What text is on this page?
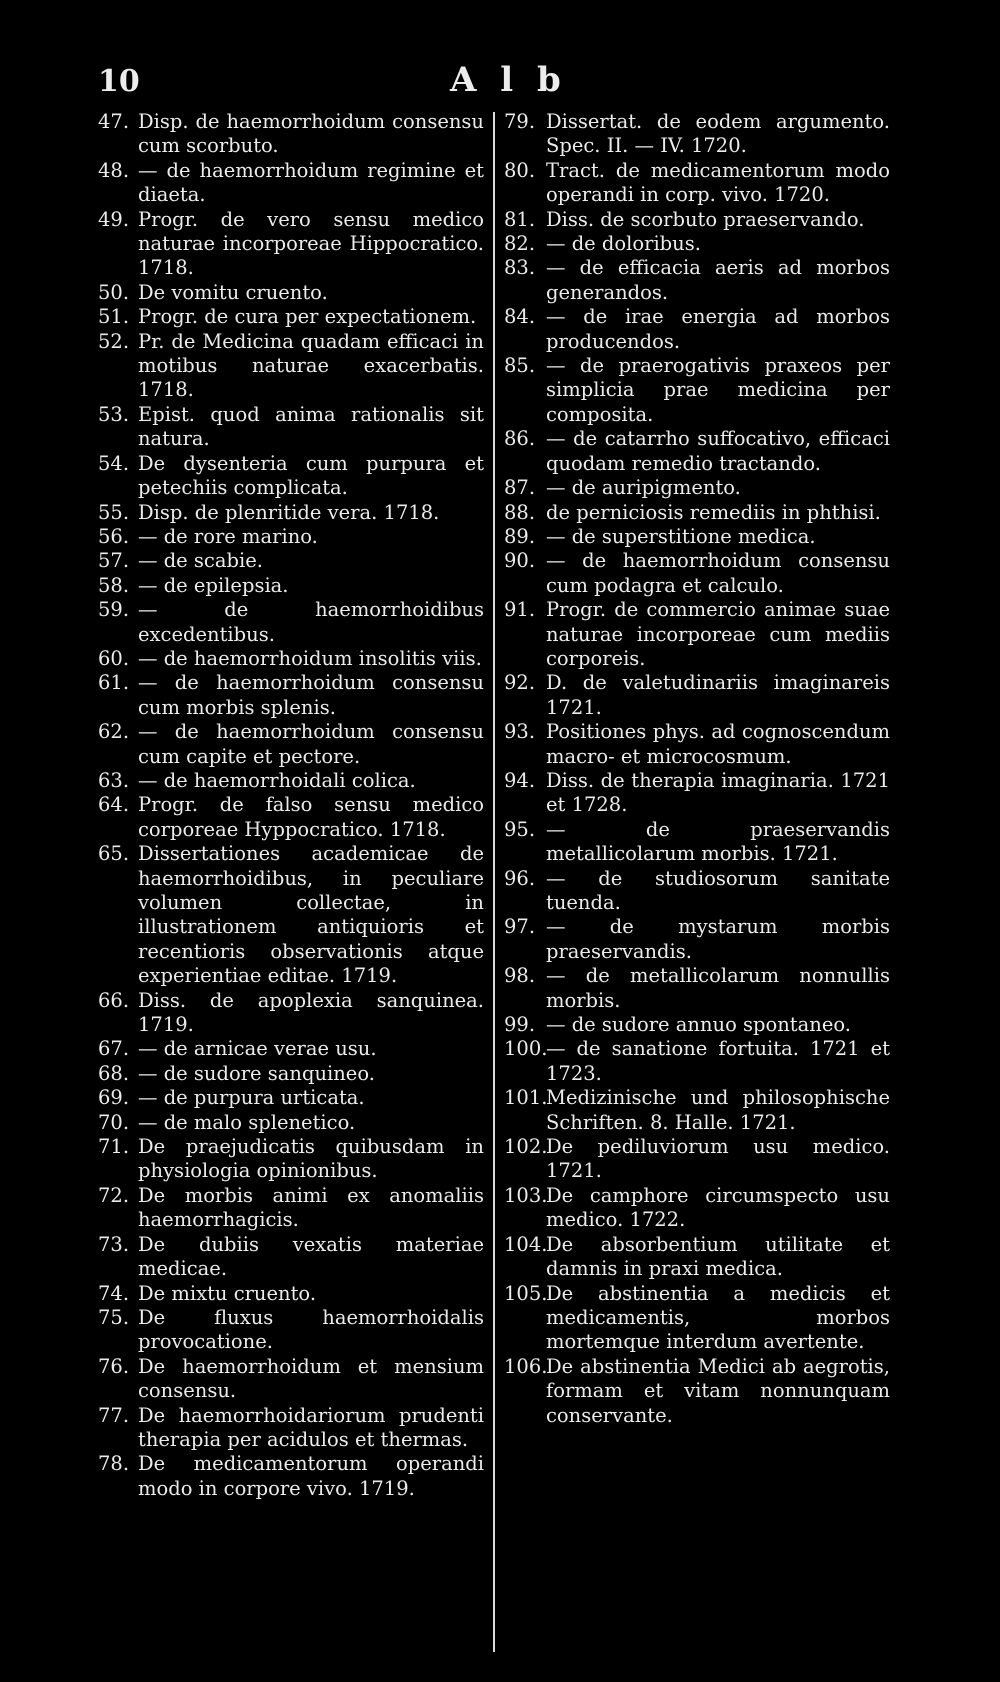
10	A l b
47. Disp. de haemorrhoidum consensu cum scorbuto.
48. — de haemorrhoidum regimine et diaeta.
49. Progr. de vero sensu medico naturae incorporeae Hippocratico. 1718.
50. De vomitu cruento.
51. Progr. de cura per expectationem.
52. Pr. de Medicina quadam efficaci in motibus naturae exacerbatis. 1718.
53. Epist. quod anima rationalis sit natura.
54. De dysenteria cum purpura et petechiis complicata.
55. Disp. de plenritide vera. 1718.
56. — de rore marino.
57. — de scabie.
58. — de epilepsia.
59. — de haemorrhoidibus excedentibus.
60. — de haemorrhoidum insolitis viis.
61. — de haemorrhoidum consensu cum morbis splenis.
62. — de haemorrhoidum consensu cum capite et pectore.
63. — de haemorrhoidali colica.
64. Progr. de falso sensu medico corporeae Hyppocratico. 1718.
65. Dissertationes academicae de haemorrhoidibus, in peculiare volumen collectae, in illustrationem antiquioris et recentioris observationis atque experientiae editae. 1719.
66. Diss. de apoplexia sanquinea. 1719.
67. — de arnicae verae usu.
68. — de sudore sanquineo.
69. — de purpura urticata.
70. — de malo splenetico.
71. De praejudicatis quibusdam in physiologia opinionibus.
72. De morbis animi ex anomaliis haemorrhagicis.
73. De dubiis vexatis materiae medicae.
74. De mixtu cruento.
75. De fluxus haemorrhoidalis provocatione.
76. De haemorrhoidum et mensium consensu.
77. De haemorrhoidariorum prudenti therapia per acidulos et thermas.
78. De medicamentorum operandi modo in corpore vivo. 1719.
79. Dissertat. de eodem argumento. Spec. II. — IV. 1720.
80. Tract. de medicamentorum modo operandi in corp. vivo. 1720.
81. Diss. de scorbuto praeservando.
82. — de doloribus.
83. — de efficacia aeris ad morbos generandos.
84. — de irae energia ad morbos producendos.
85. — de praerogativis praxeos per simplicia prae medicina per composita.
86. — de catarrho suffocativo, efficaci quodam remedio tractando.
87. — de auripigmento.
88. de perniciosis remediis in phthisi.
89. — de superstitione medica.
90. — de haemorrhoidum consensu cum podagra et calculo.
91. Progr. de commercio animae suae naturae incorporeae cum mediis corporeis.
92. D. de valetudinariis imaginareis 1721.
93. Positiones phys. ad cognoscendum macro- et microcosmum.
94. Diss. de therapia imaginaria. 1721 et 1728.
95. — de praeservandis metallicolarum morbis. 1721.
96. — de studiosorum sanitate tuenda.
97. — de mystarum morbis praeservandis.
98. — de metallicolarum nonnullis morbis.
99. — de sudore annuo spontaneo.
100.
— de sanatione fortuita. 1721 et 1723.
101.
Medizinische und philosophische Schriften. 8. Halle. 1721.
102.
De pediluviorum usu medico. 1721.
103.
De camphore circumspecto usu medico. 1722.
104.
De absorbentium utilitate et damnis in praxi medica.
105.
De abstinentia a medicis et medicamentis, morbos mortemque interdum avertente.
106.
De abstinentia Medici ab aegrotis, formam et vitam nonnunquam conservante.
